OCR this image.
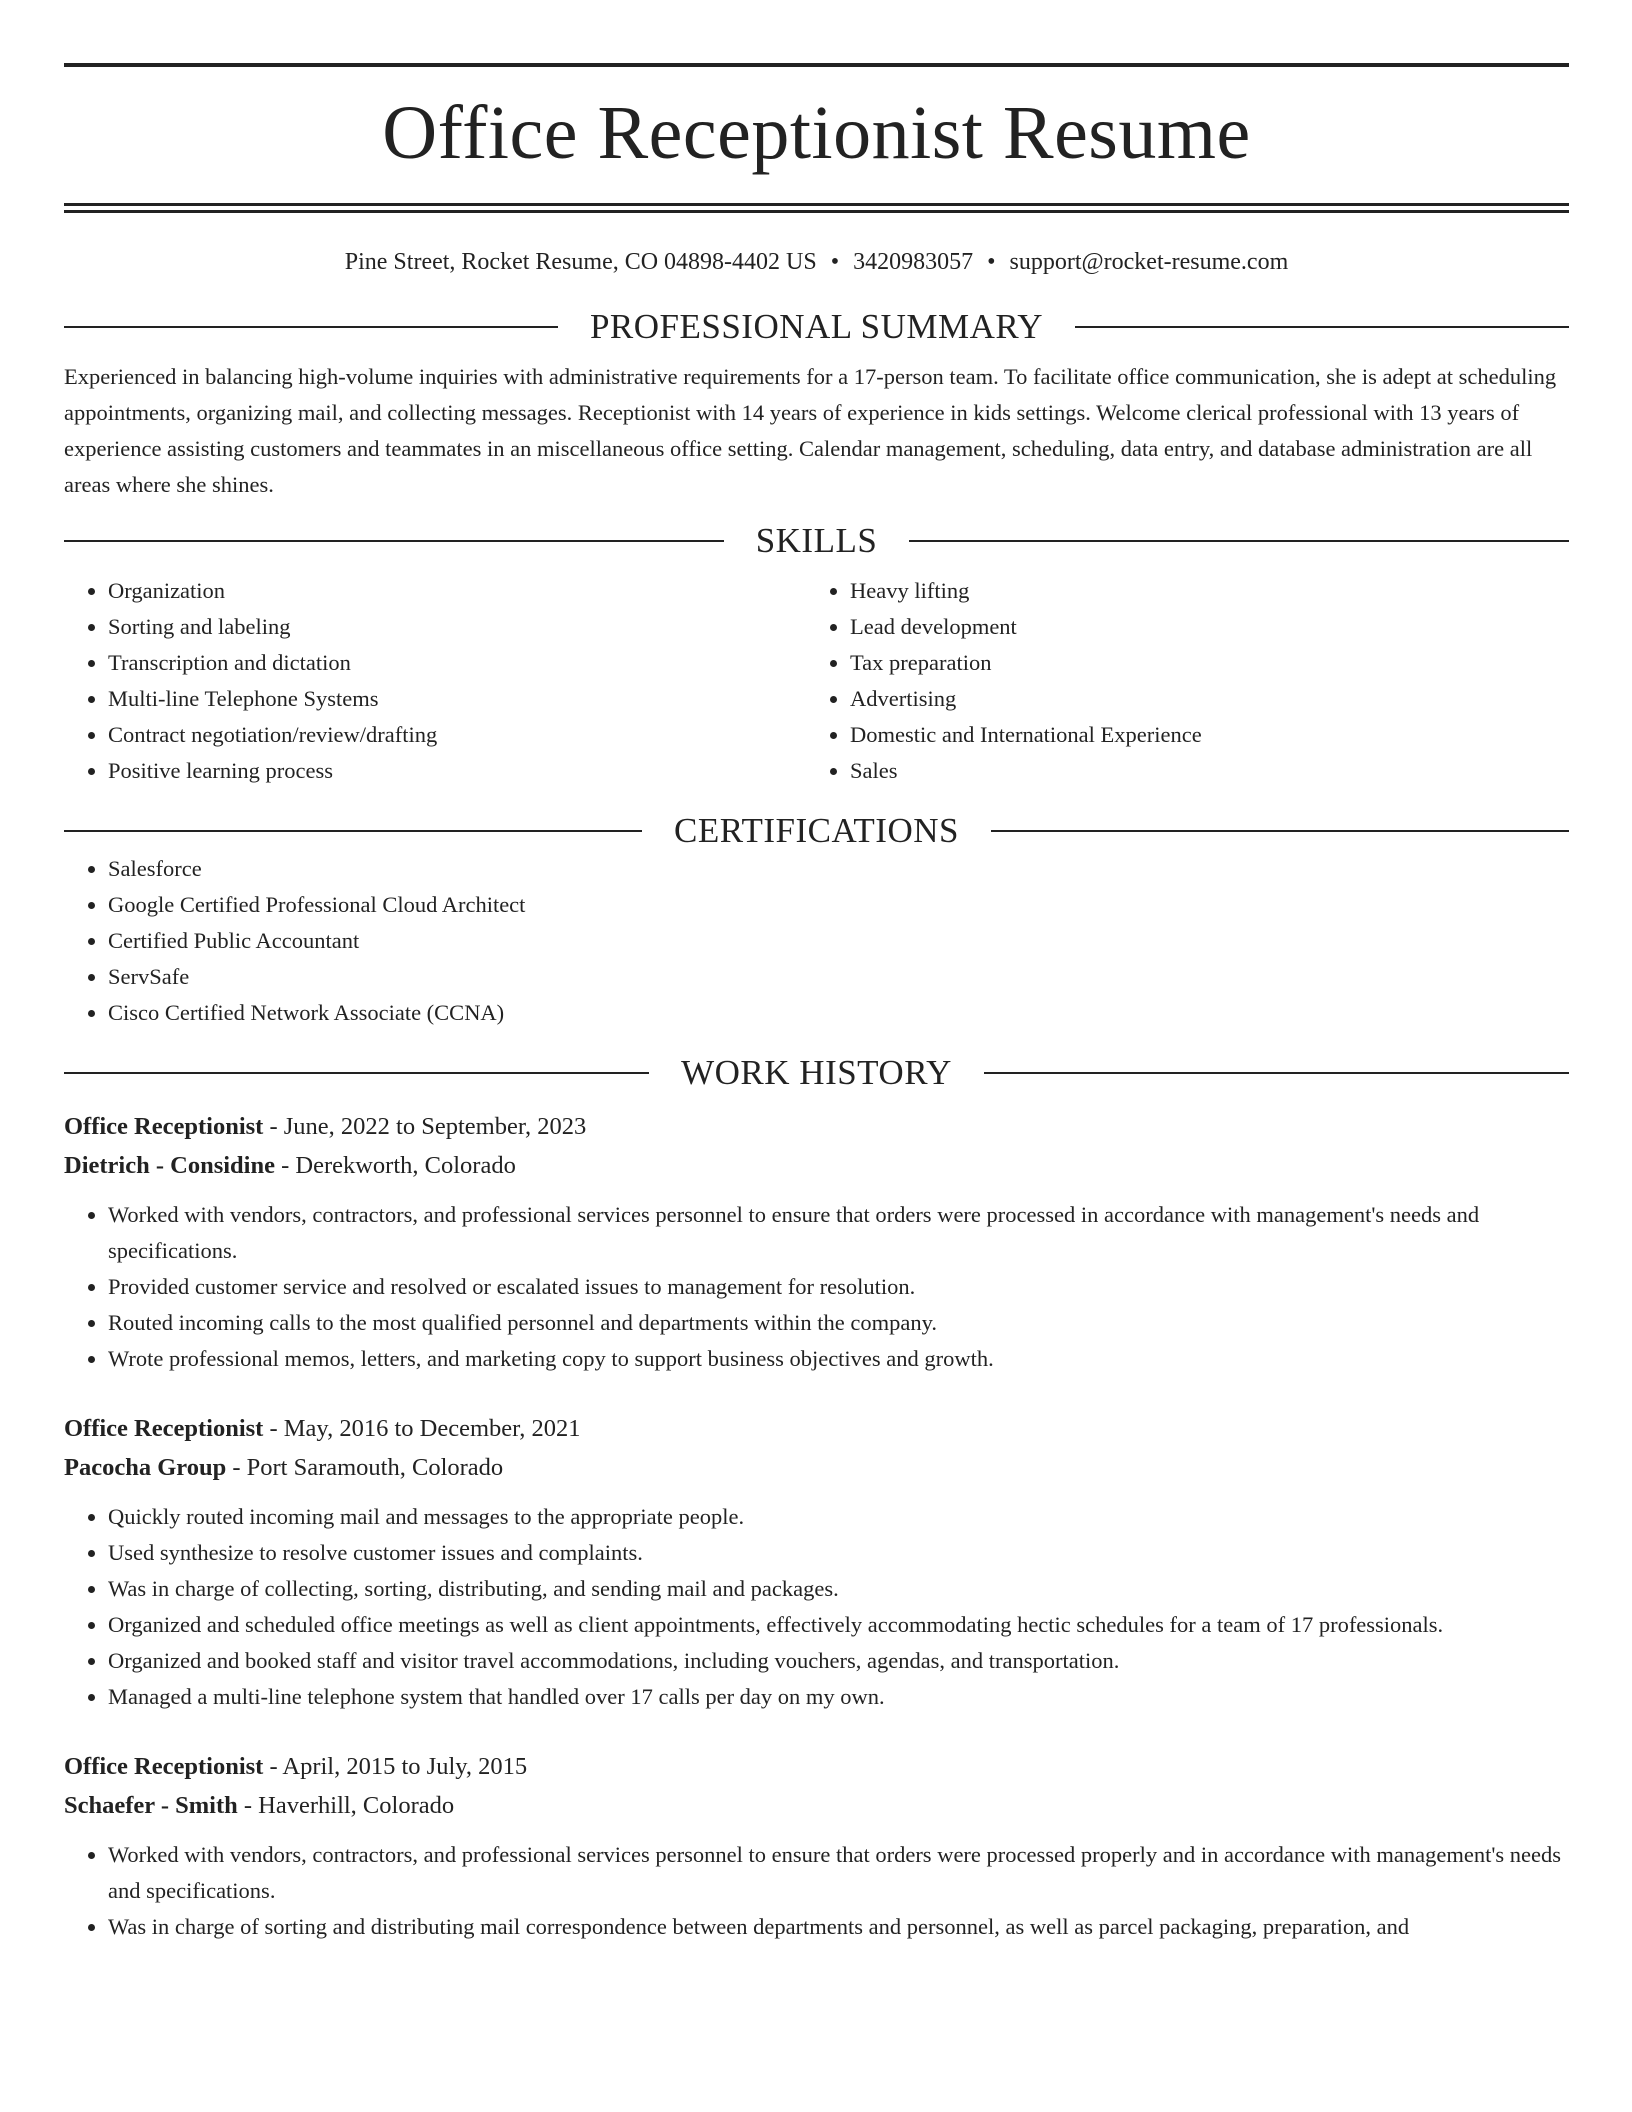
Office Receptionist Resume
Pine Street, Rocket Resume, CO 04898-4402 US • 3420983057 • support@rocket-resume.com
PROFESSIONAL SUMMARY

Experienced in balancing high-volume inquiries with administrative requirements for a 17-person team. To facilitate office communication, she is adept at scheduling appointments, organizing mail, and collecting messages. Receptionist with 14 years of experience in kids settings. Welcome clerical professional with 13 years of experience assisting customers and teammates in an miscellaneous office setting. Calendar management, scheduling, data entry, and database administration are all areas where she shines.

SKILLS
• Organization
• Sorting and labeling
• Transcription and dictation
• Multi-line Telephone Systems
• Contract negotiation/review/drafting
• Positive learning process
• Heavy lifting
• Lead development
• Tax preparation
• Advertising
• Domestic and International Experience
• Sales
CERTIFICATIONS
• Salesforce
• Google Certified Professional Cloud Architect
• Certified Public Accountant
• ServSafe
• Cisco Certified Network Associate (CCNA)
WORK HISTORY
Office Receptionist - June, 2022 to September, 2023
Dietrich - Considine - Derekworth, Colorado
• Worked with vendors, contractors, and professional services personnel to ensure that orders were processed in accordance with management's needs and specifications.
• Provided customer service and resolved or escalated issues to management for resolution.
• Routed incoming calls to the most qualified personnel and departments within the company.
• Wrote professional memos, letters, and marketing copy to support business objectives and growth.
Office Receptionist - May, 2016 to December, 2021
Pacocha Group - Port Saramouth, Colorado
• Quickly routed incoming mail and messages to the appropriate people.
• Used synthesize to resolve customer issues and complaints.
• Was in charge of collecting, sorting, distributing, and sending mail and packages.
• Organized and scheduled office meetings as well as client appointments, effectively accommodating hectic schedules for a team of 17 professionals.
• Organized and booked staff and visitor travel accommodations, including vouchers, agendas, and transportation.
• Managed a multi-line telephone system that handled over 17 calls per day on my own.
Office Receptionist - April, 2015 to July, 2015
Schaefer - Smith - Haverhill, Colorado
• Worked with vendors, contractors, and professional services personnel to ensure that orders were processed properly and in accordance with management's needs and specifications.
• Was in charge of sorting and distributing mail correspondence between departments and personnel, as well as parcel packaging, preparation, and
